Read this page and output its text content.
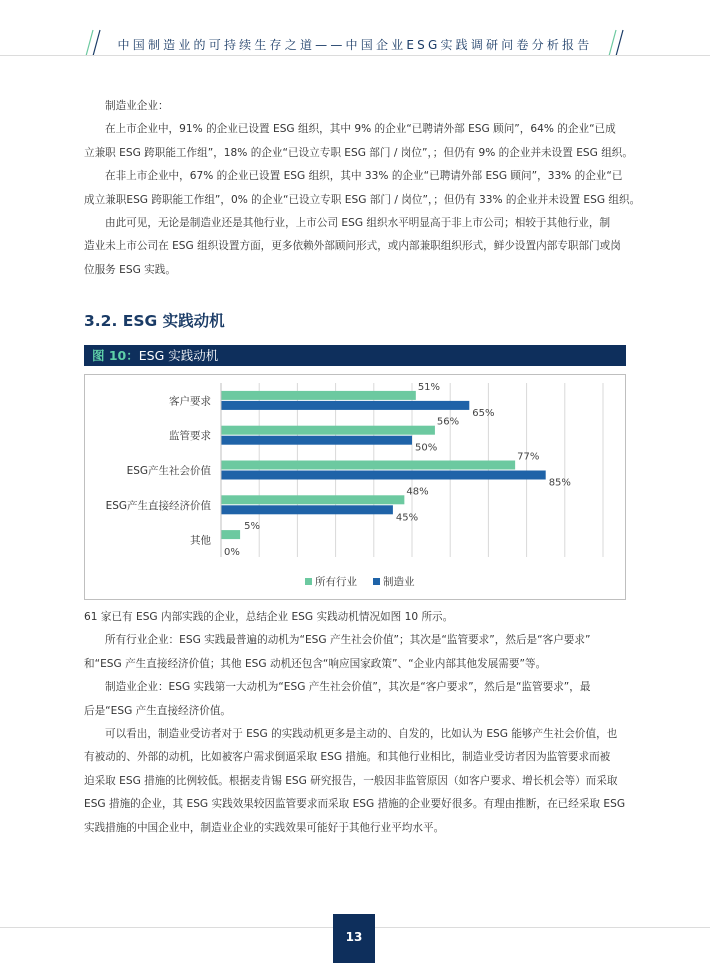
中国制造业的可持续生存之道——中国企业ESG实践调研问卷分析报告
制造业企业：
在上市企业中，91% 的企业已设置 ESG 组织，其中 9% 的企业“已聘请外部 ESG 顾问”，64% 的企业“已成
立兼职 ESG 跨职能工作组”，18% 的企业“已设立专职 ESG 部门 / 岗位”，；但仍有 9% 的企业并未设置 ESG 组织。
在非上市企业中，67% 的企业已设置 ESG 组织，其中 33% 的企业“已聘请外部 ESG 顾问”，33% 的企业“已
成立兼职ESG 跨职能工作组”，0% 的企业“已设立专职 ESG 部门 / 岗位”，；但仍有 33% 的企业并未设置 ESG 组织。
由此可见，无论是制造业还是其他行业，上市公司 ESG 组织水平明显高于非上市公司；相较于其他行业，制
造业未上市公司在 ESG 组织设置方面，更多依赖外部顾问形式，或内部兼职组织形式，鲜少设置内部专职部门或岗
位服务 ESG 实践。
3.2. ESG 实践动机
图 10：ESG 实践动机
客户要求
51%
65%
监管要求
56%
50%
ESG产生社会价值
77%
85%
ESG产生直接经济价值
48%
45%
其他
5%
0%
所有行业 制造业
61 家已有 ESG 内部实践的企业，总结企业 ESG 实践动机情况如图 10 所示。
所有行业企业：ESG 实践最普遍的动机为“ESG 产生社会价值”；其次是“监管要求”，然后是“客户要求”
和“ESG 产生直接经济价值；其他 ESG 动机还包含“响应国家政策”、“企业内部其他发展需要”等。
制造业企业：ESG 实践第一大动机为“ESG 产生社会价值”，其次是“客户要求”，然后是“监管要求”，最
后是“ESG 产生直接经济价值。
可以看出，制造业受访者对于 ESG 的实践动机更多是主动的、自发的，比如认为 ESG 能够产生社会价值，也
有被动的、外部的动机，比如被客户需求倒逼采取 ESG 措施。和其他行业相比，制造业受访者因为监管要求而被
迫采取 ESG 措施的比例较低。根据麦肯锡 ESG 研究报告，一般因非监管原因（如客户要求、增长机会等）而采取
ESG 措施的企业，其 ESG 实践效果较因监管要求而采取 ESG 措施的企业要好很多。有理由推断，在已经采取 ESG
实践措施的中国企业中，制造业企业的实践效果可能好于其他行业平均水平。
13
